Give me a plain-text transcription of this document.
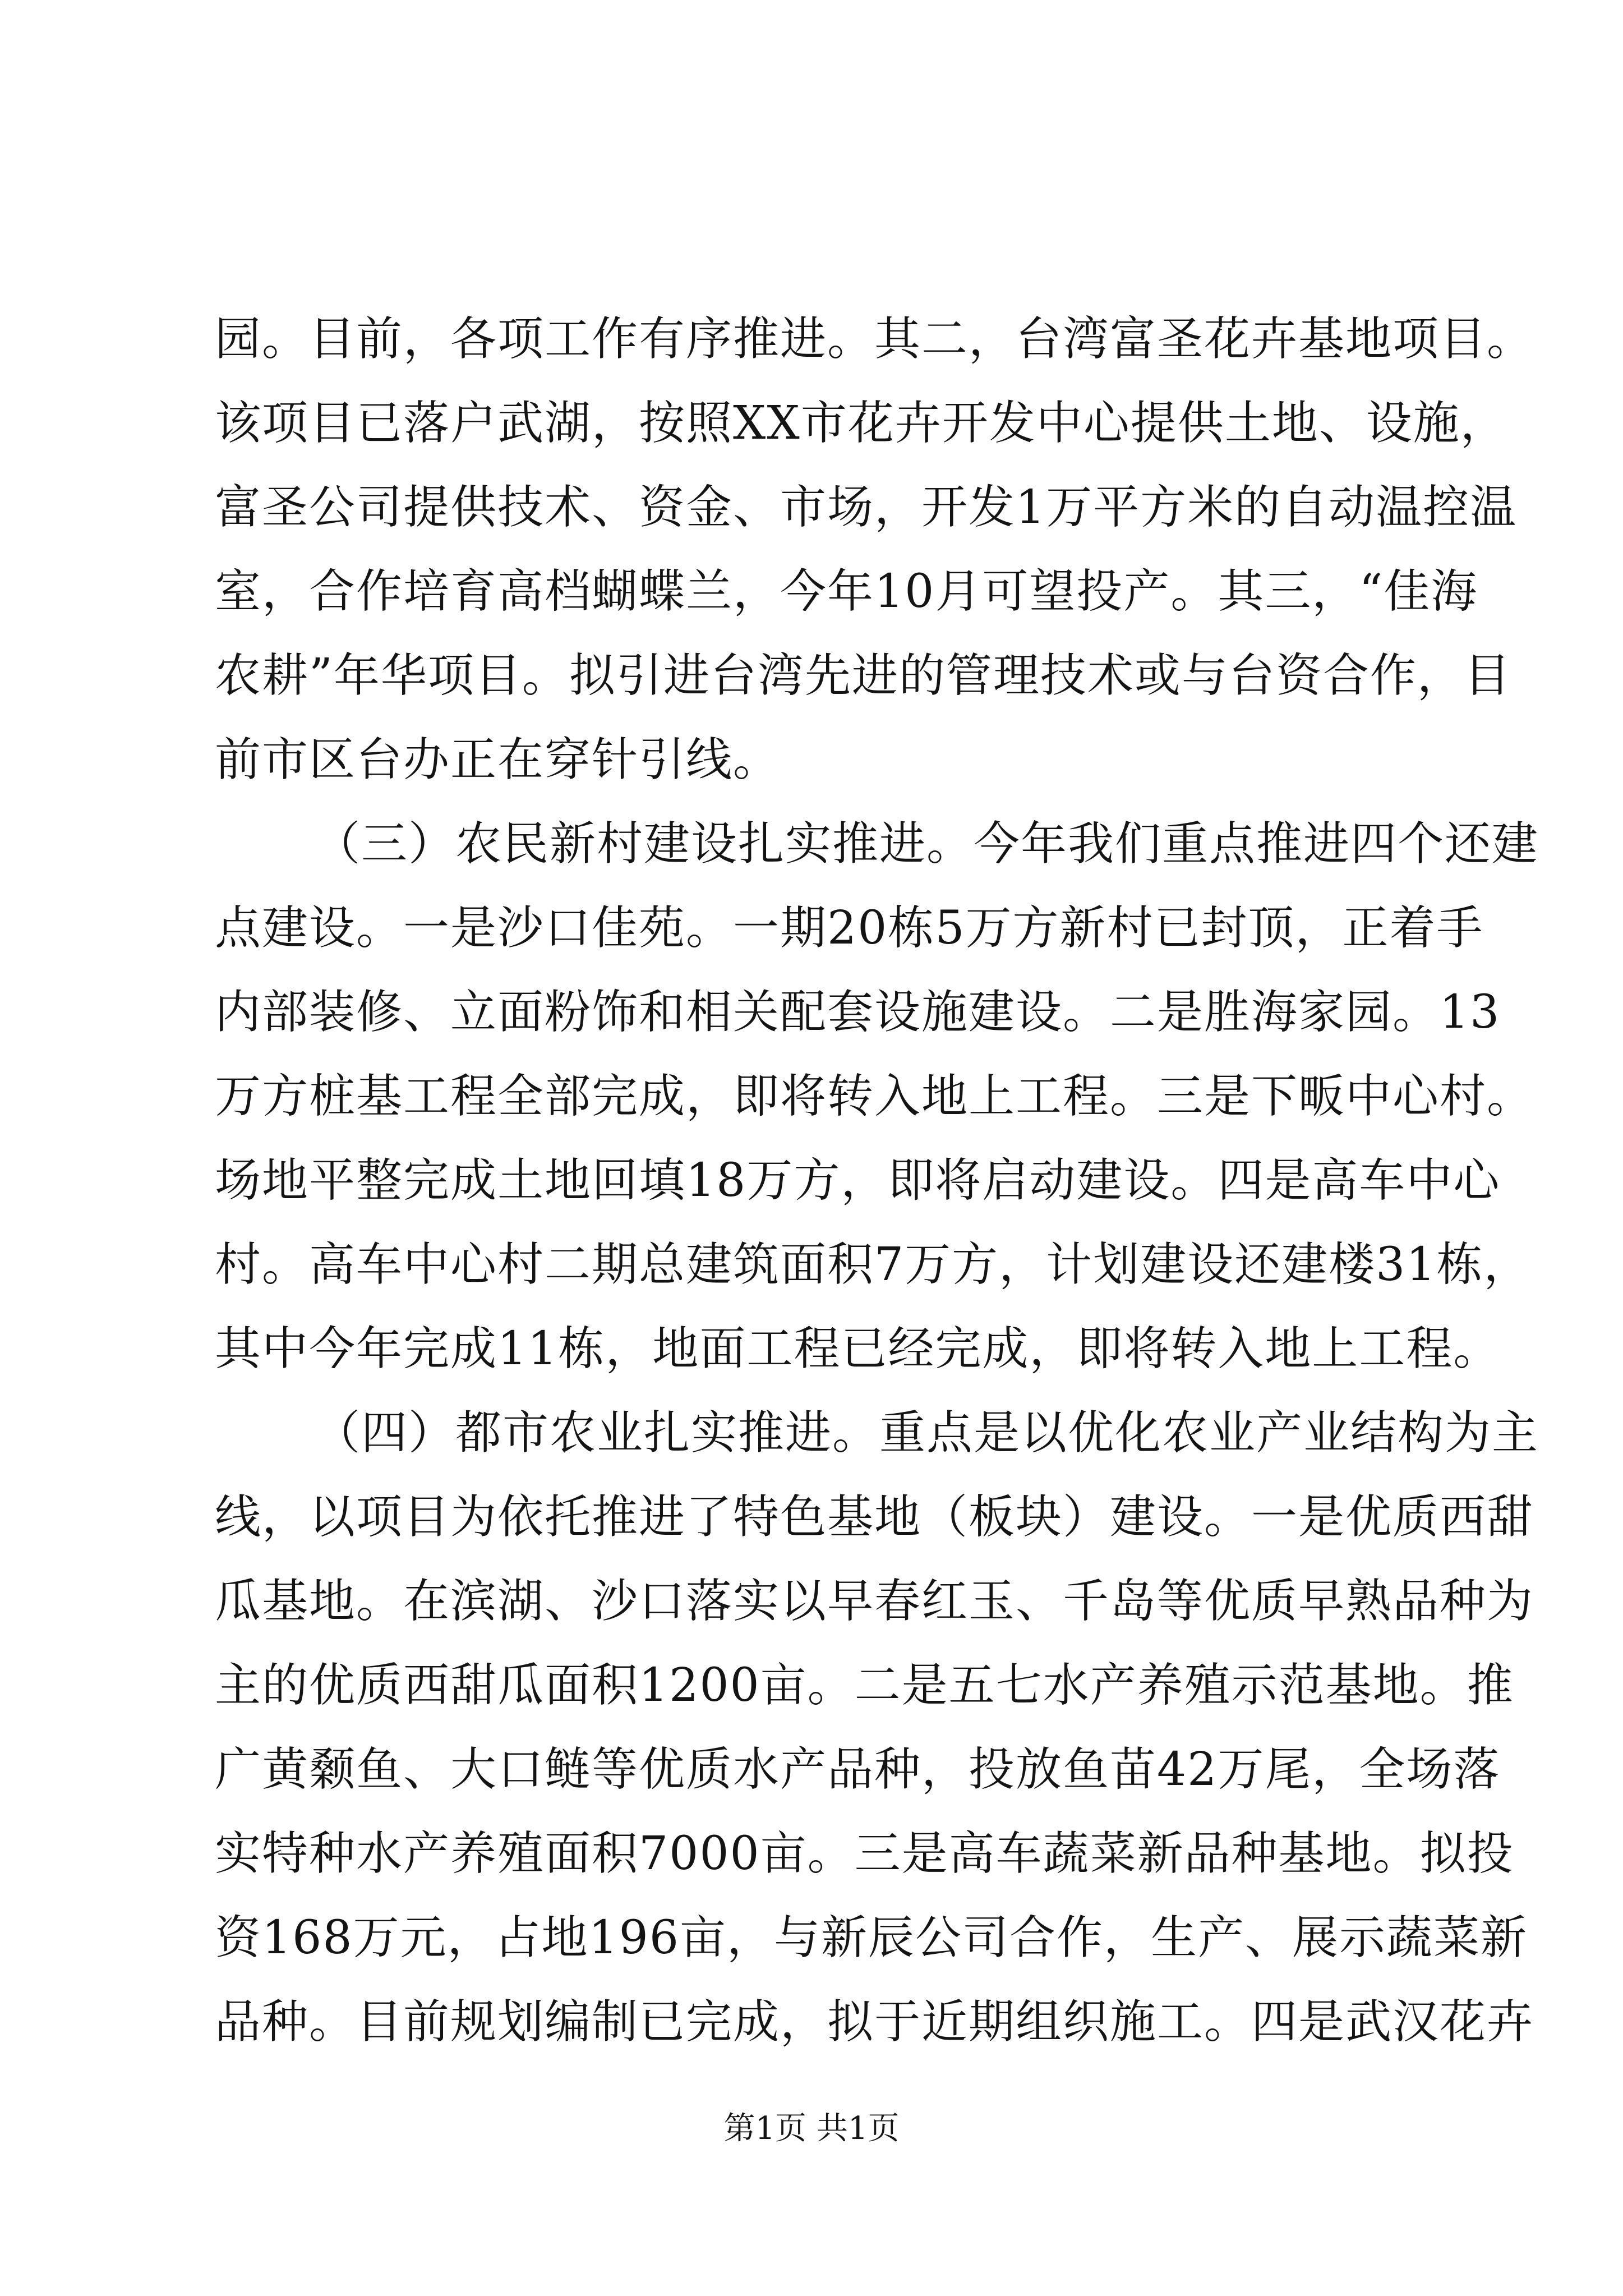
园。目前，各项工作有序推进。其二，台湾富圣花卉基地项目。
该项目已落户武湖，按照XX市花卉开发中心提供土地、设施，
富圣公司提供技术、资金、市场，开发1万平方米的自动温控温
室，合作培育高档蝴蝶兰，今年10月可望投产。其三，“佳海
农耕”年华项目。拟引进台湾先进的管理技术或与台资合作，目
前市区台办正在穿针引线。
（三）农民新村建设扎实推进。今年我们重点推进四个还建
点建设。一是沙口佳苑。一期20栋5万方新村已封顶，正着手
内部装修、立面粉饰和相关配套设施建设。二是胜海家园。13
万方桩基工程全部完成，即将转入地上工程。三是下畈中心村。
场地平整完成土地回填18万方，即将启动建设。四是高车中心
村。高车中心村二期总建筑面积7万方，计划建设还建楼31栋，
其中今年完成11栋，地面工程已经完成，即将转入地上工程。
（四）都市农业扎实推进。重点是以优化农业产业结构为主
线，以项目为依托推进了特色基地（板块）建设。一是优质西甜
瓜基地。在滨湖、沙口落实以早春红玉、千岛等优质早熟品种为
主的优质西甜瓜面积1200亩。二是五七水产养殖示范基地。推
广黄颡鱼、大口鲢等优质水产品种，投放鱼苗42万尾，全场落
实特种水产养殖面积7000亩。三是高车蔬菜新品种基地。拟投
资168万元，占地196亩，与新辰公司合作，生产、展示蔬菜新
品种。目前规划编制已完成，拟于近期组织施工。四是武汉花卉
第1页 共1页
